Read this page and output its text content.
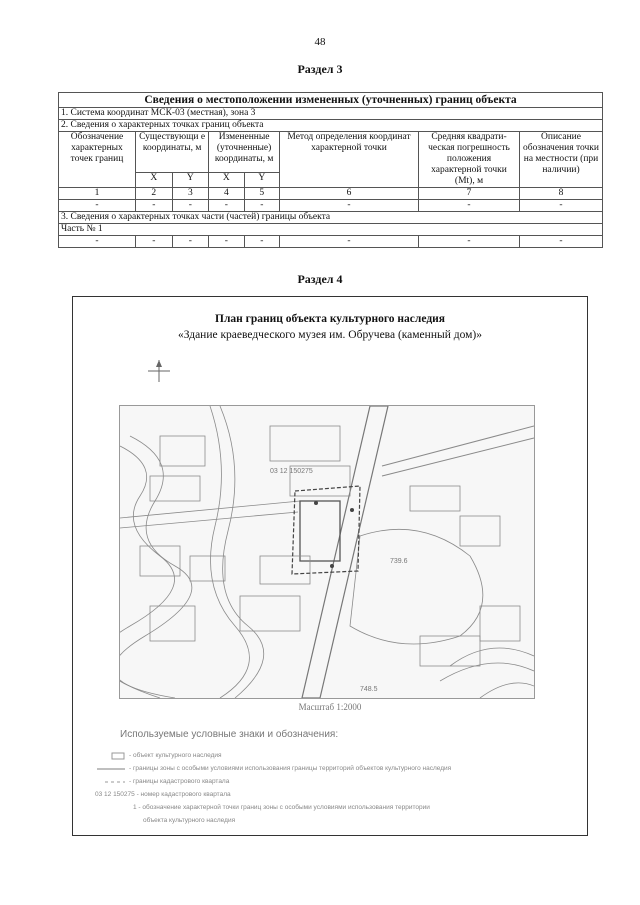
48
Раздел 3
Сведения о местоположении измененных (уточненных) границ объекта							
1. Система координат МСК-03 (местная), зона 3							
2. Сведения о характерных точках границ объекта							
Обозначение характерных точек границ	Существующи е координаты, м		Измененные (уточненные) координаты, м		Метод определения координат характерной точки	Средняя квадрати-ческая погрешность положения характерной точки (Mt), м	Описание обозначения точки на местности (при наличии)
	X	Y	X	Y			
1	2	3	4	5	6	7	8
-	-	-	-	-	-	-	-
3. Сведения о характерных точках части (частей) границы объекта							
Часть № 1							
-	-	-	-	-	-	-	-
Раздел 4
План границ объекта культурного наследия
«Здание краеведческого музея им. Обручева (каменный дом)»
03 12 150275
739.6
748.5
Масштаб 1:2000
Используемые условные знаки и обозначения:
- объект культурного наследия
- границы зоны с особыми условиями использования границы территорий объектов культурного наследия
- границы кадастрового квартала
03 12 150275 - номер кадастрового квартала
1 - обозначение характерной точки границ зоны с особыми условиями использования территории
объекта культурного наследия
